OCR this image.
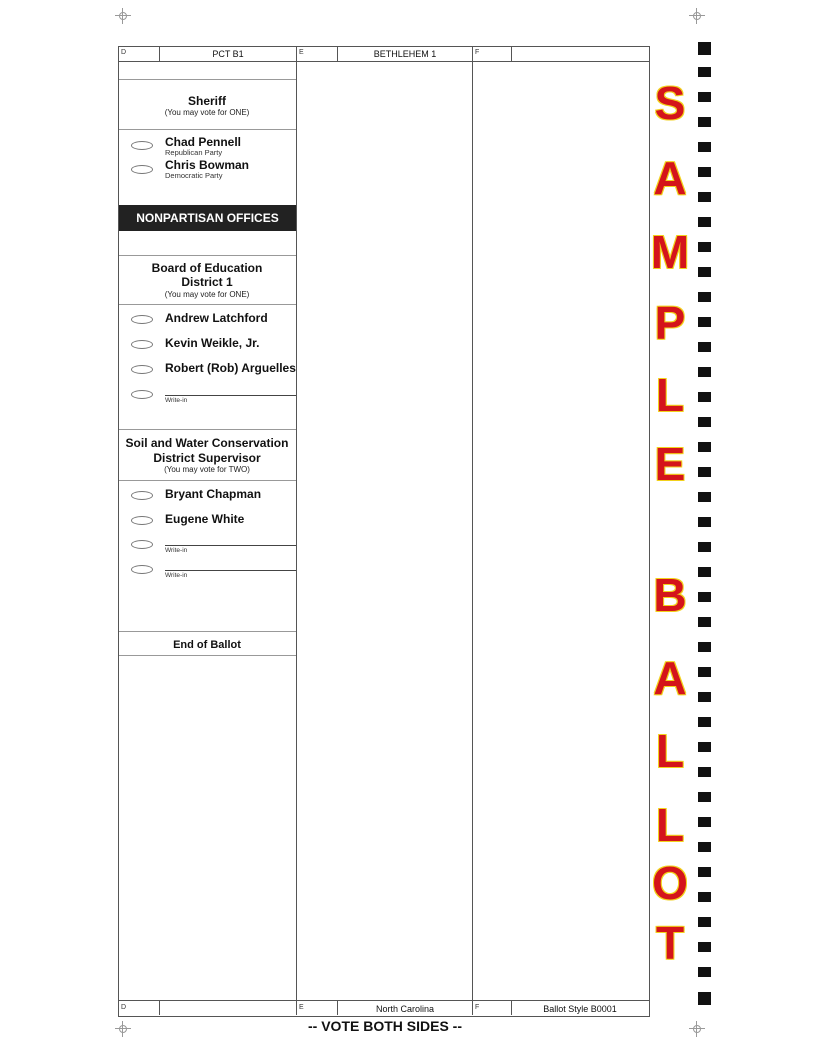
D	PCT B1	E	BETHLEHEM 1	F
Sheriff
(You may vote for ONE)
Chad Pennell
Republican Party
Chris Bowman
Democratic Party
NONPARTISAN OFFICES
Board of Education
District 1
(You may vote for ONE)
Andrew Latchford
Kevin Weikle, Jr.
Robert (Rob) Arguelles
Write-in
Soil and Water Conservation
District Supervisor
(You may vote for TWO)
Bryant Chapman
Eugene White
Write-in
Write-in
End of Ballot
D	E	North Carolina	F	Ballot Style B0001
-- VOTE BOTH SIDES --
S
A
M
P
L
E
B
A
L
L
O
T
